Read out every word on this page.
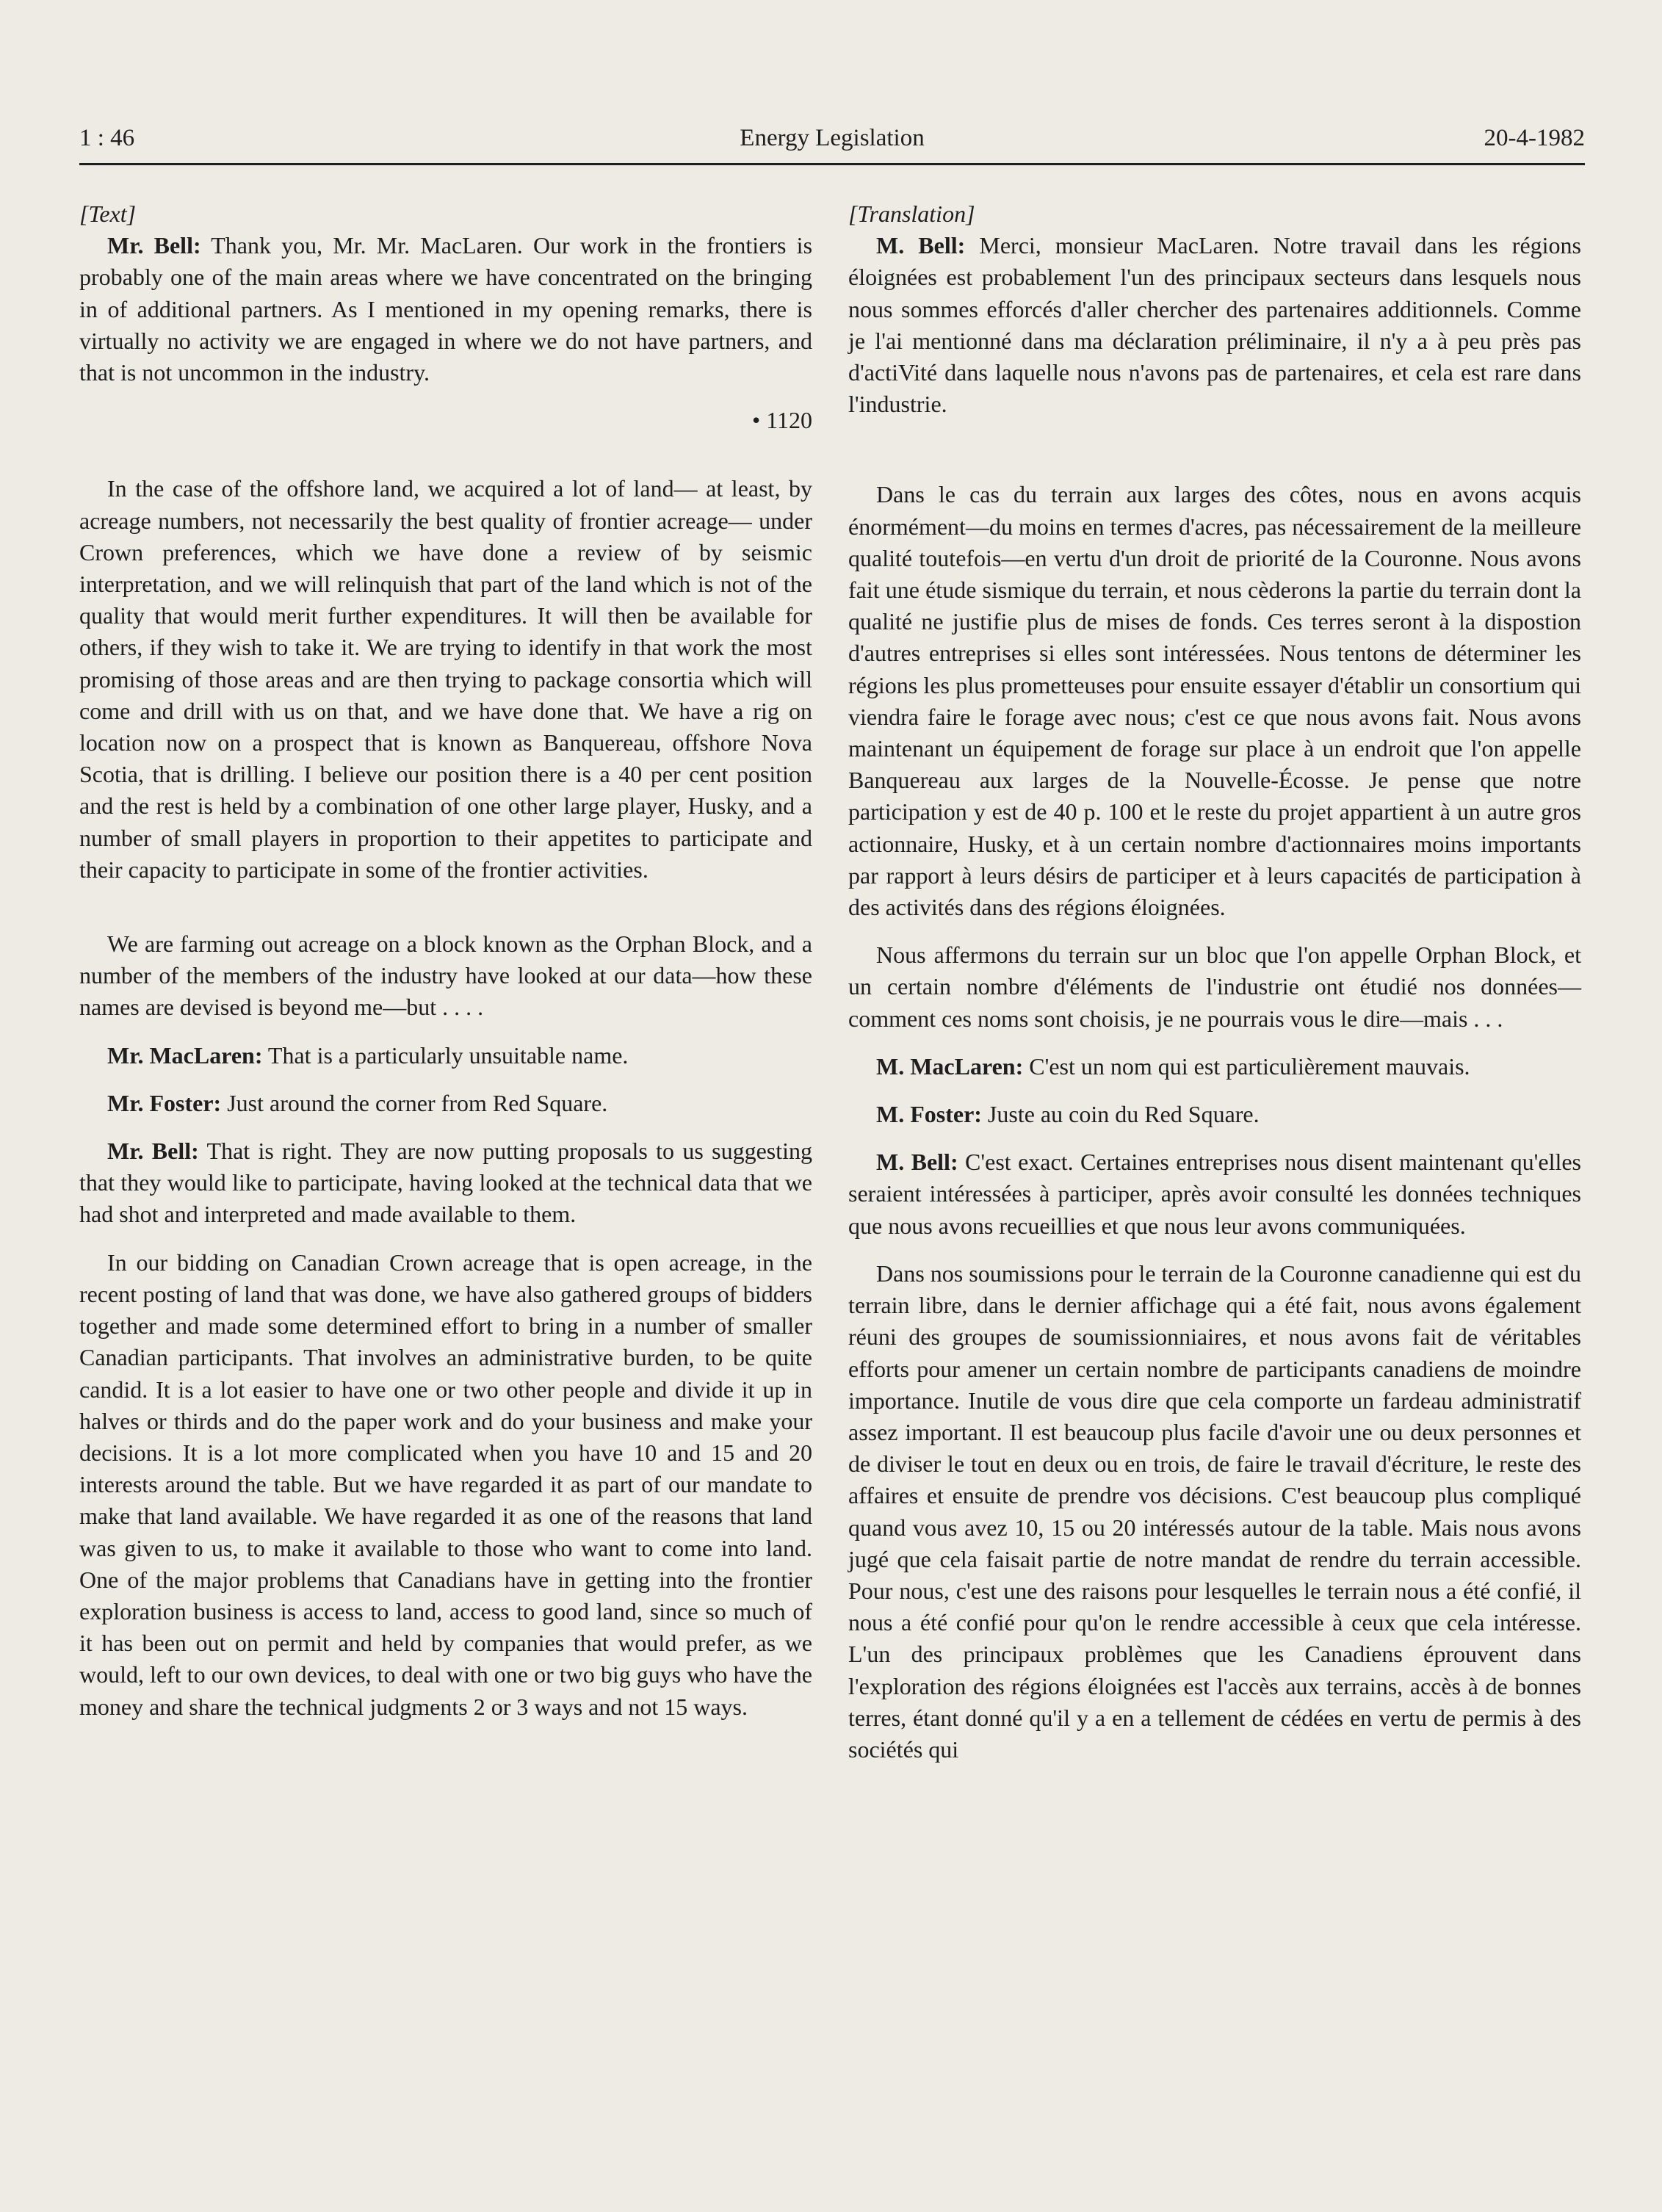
1 : 46	Energy Legislation	20-4-1982

[Text]

Mr. Bell: Thank you, Mr. Mr. MacLaren. Our work in the frontiers is probably one of the main areas where we have concentrated on the bringing in of additional partners. As I mentioned in my opening remarks, there is virtually no activity we are engaged in where we do not have partners, and that is not uncommon in the industry.

• 1120

In the case of the offshore land, we acquired a lot of land— at least, by acreage numbers, not necessarily the best quality of frontier acreage— under Crown preferences, which we have done a review of by seismic interpretation, and we will relinquish that part of the land which is not of the quality that would merit further expenditures. It will then be available for others, if they wish to take it. We are trying to identify in that work the most promising of those areas and are then trying to package consortia which will come and drill with us on that, and we have done that. We have a rig on location now on a prospect that is known as Banquereau, offshore Nova Scotia, that is drilling. I believe our position there is a 40 per cent position and the rest is held by a combination of one other large player, Husky, and a number of small players in proportion to their appetites to participate and their capacity to participate in some of the frontier activities.

We are farming out acreage on a block known as the Orphan Block, and a number of the members of the industry have looked at our data—how these names are devised is beyond me—but . . . .

Mr. MacLaren: That is a particularly unsuitable name.

Mr. Foster: Just around the corner from Red Square.

Mr. Bell: That is right. They are now putting proposals to us suggesting that they would like to participate, having looked at the technical data that we had shot and interpreted and made available to them.

In our bidding on Canadian Crown acreage that is open acreage, in the recent posting of land that was done, we have also gathered groups of bidders together and made some determined effort to bring in a number of smaller Canadian participants. That involves an administrative burden, to be quite candid. It is a lot easier to have one or two other people and divide it up in halves or thirds and do the paper work and do your business and make your decisions. It is a lot more complicated when you have 10 and 15 and 20 interests around the table. But we have regarded it as part of our mandate to make that land available. We have regarded it as one of the reasons that land was given to us, to make it available to those who want to come into land. One of the major problems that Canadians have in getting into the frontier exploration business is access to land, access to good land, since so much of it has been out on permit and held by companies that would prefer, as we would, left to our own devices, to deal with one or two big guys who have the money and share the technical judgments 2 or 3 ways and not 15 ways.

[Translation]

M. Bell: Merci, monsieur MacLaren. Notre travail dans les régions éloignées est probablement l'un des principaux secteurs dans lesquels nous nous sommes efforcés d'aller chercher des partenaires additionnels. Comme je l'ai mentionné dans ma déclaration préliminaire, il n'y a à peu près pas d'actiVité dans laquelle nous n'avons pas de partenaires, et cela est rare dans l'industrie.

Dans le cas du terrain aux larges des côtes, nous en avons acquis énormément—du moins en termes d'acres, pas nécessairement de la meilleure qualité toutefois—en vertu d'un droit de priorité de la Couronne. Nous avons fait une étude sismique du terrain, et nous cèderons la partie du terrain dont la qualité ne justifie plus de mises de fonds. Ces terres seront à la dispostion d'autres entreprises si elles sont intéressées. Nous tentons de déterminer les régions les plus prometteuses pour ensuite essayer d'établir un consortium qui viendra faire le forage avec nous; c'est ce que nous avons fait. Nous avons maintenant un équipement de forage sur place à un endroit que l'on appelle Banquereau aux larges de la Nouvelle-Écosse. Je pense que notre participation y est de 40 p. 100 et le reste du projet appartient à un autre gros actionnaire, Husky, et à un certain nombre d'actionnaires moins importants par rapport à leurs désirs de participer et à leurs capacités de participation à des activités dans des régions éloignées.

Nous affermons du terrain sur un bloc que l'on appelle Orphan Block, et un certain nombre d'éléments de l'industrie ont étudié nos données—comment ces noms sont choisis, je ne pourrais vous le dire—mais . . .

M. MacLaren: C'est un nom qui est particulièrement mauvais.

M. Foster: Juste au coin du Red Square.

M. Bell: C'est exact. Certaines entreprises nous disent maintenant qu'elles seraient intéressées à participer, après avoir consulté les données techniques que nous avons recueillies et que nous leur avons communiquées.

Dans nos soumissions pour le terrain de la Couronne canadienne qui est du terrain libre, dans le dernier affichage qui a été fait, nous avons également réuni des groupes de soumissionniaires, et nous avons fait de véritables efforts pour amener un certain nombre de participants canadiens de moindre importance. Inutile de vous dire que cela comporte un fardeau administratif assez important. Il est beaucoup plus facile d'avoir une ou deux personnes et de diviser le tout en deux ou en trois, de faire le travail d'écriture, le reste des affaires et ensuite de prendre vos décisions. C'est beaucoup plus compliqué quand vous avez 10, 15 ou 20 intéressés autour de la table. Mais nous avons jugé que cela faisait partie de notre mandat de rendre du terrain accessible. Pour nous, c'est une des raisons pour lesquelles le terrain nous a été confié, il nous a été confié pour qu'on le rendre accessible à ceux que cela intéresse. L'un des principaux problèmes que les Canadiens éprouvent dans l'exploration des régions éloignées est l'accès aux terrains, accès à de bonnes terres, étant donné qu'il y a en a tellement de cédées en vertu de permis à des sociétés qui
